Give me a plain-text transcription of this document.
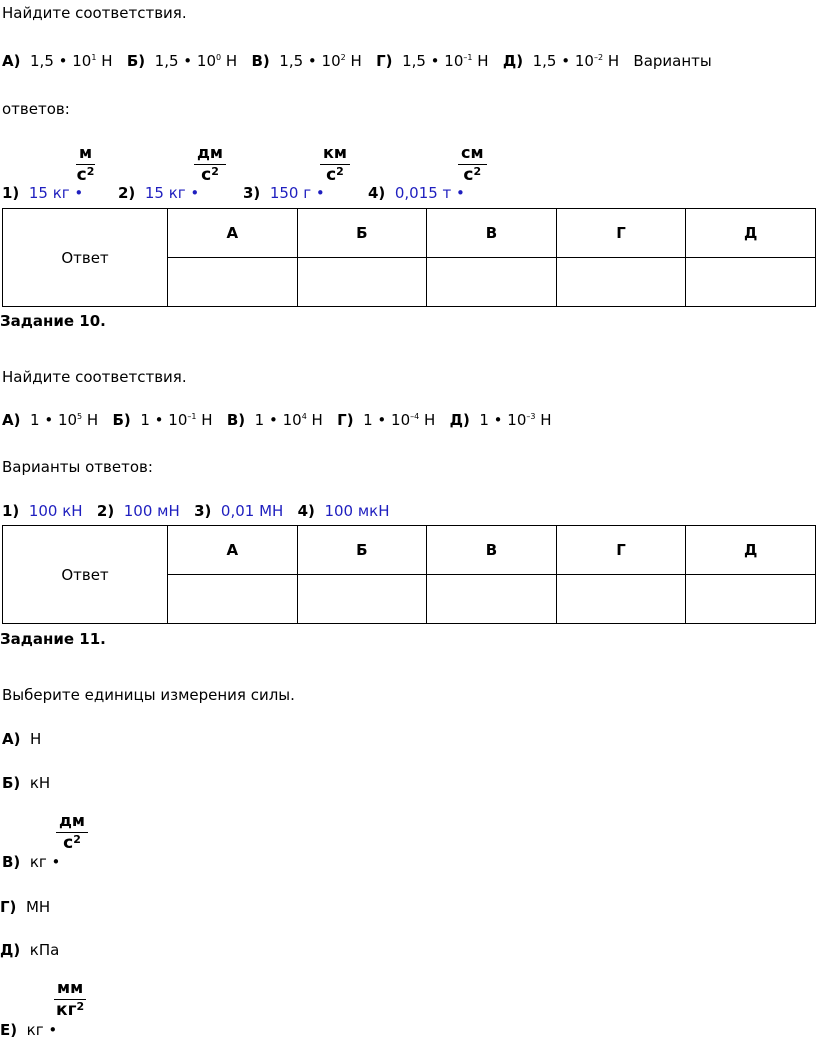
Найдите соответствия.
А) 1,5 • $10^1$ Н Б) 1,5 • $10^0$ Н В) 1,5 • $10^2$ Н Г) 1,5 • $10^{-1}$ Н Д) 1,5 • $10^{-2}$ Н Варианты
ответов:
1) 15 кг •
м
$с^2$
2) 15 кг •
дм
$с^2$
3) 150 г •
км
$с^2$
4) 0,015 т •
см
$с^2$
Ответ	А	Б	В	Г	Д

Задание 10.
Найдите соответствия.
А) 1 • $10^5$ Н Б) 1 • $10^{-1}$ Н В) 1 • $10^4$ Н Г) 1 • $10^{-4}$ Н Д) 1 • $10^{-3}$ Н
Варианты ответов:
1) 100 кН 2) 100 мН 3) 0,01 МН 4) 100 мкН
Ответ	А	Б	В	Г	Д

Задание 11.
Выберите единицы измерения силы.
А) Н
Б) кН
В) кг •
дм
$с^2$
Г) МН
Д) кПа
Е) кг •
мм
$кг^2$
